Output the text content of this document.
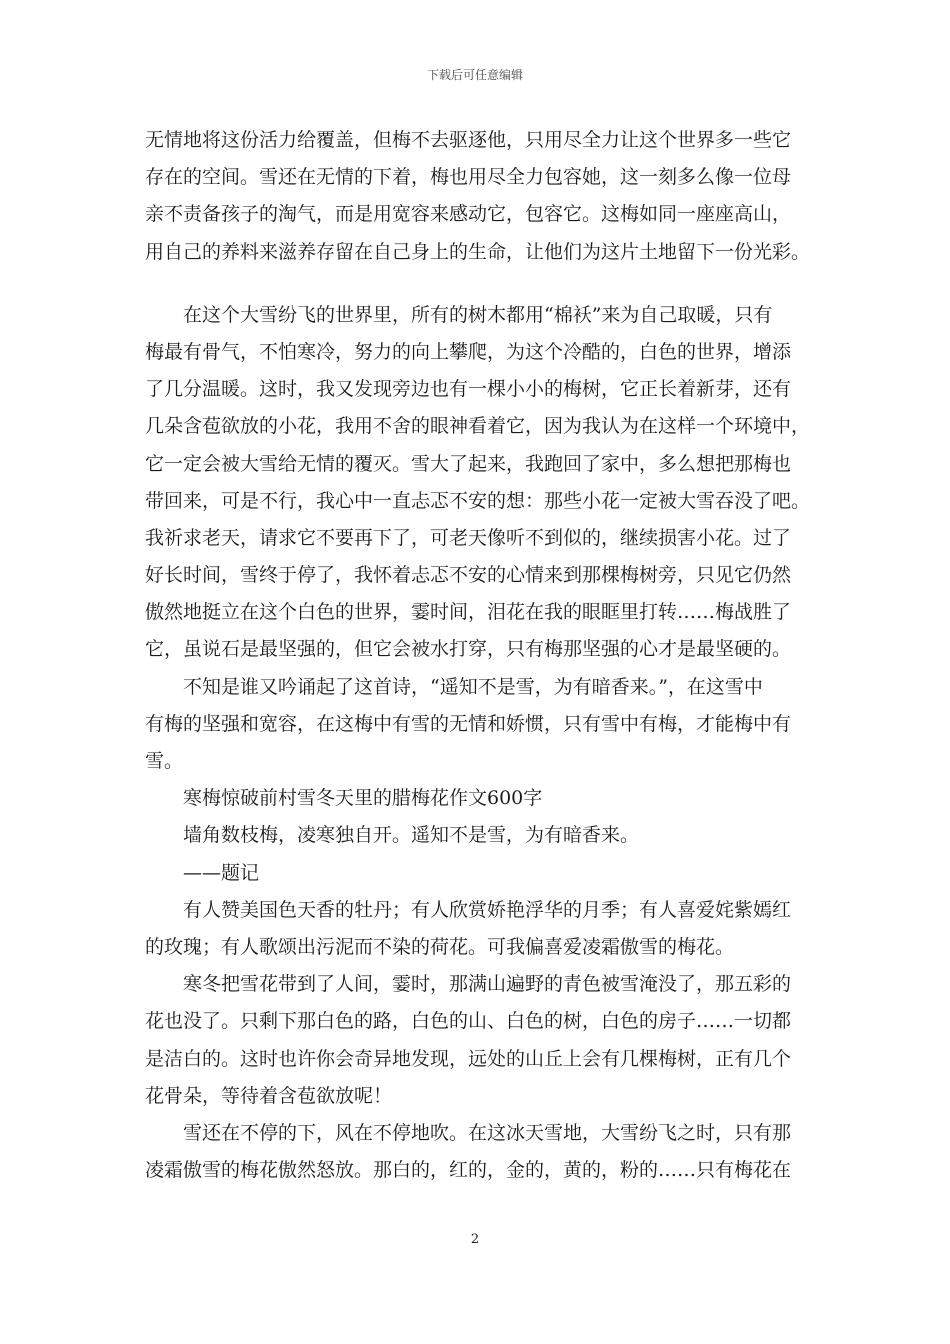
下载后可任意编辑
无情地将这份活力给覆盖，但梅不去驱逐他，只用尽全力让这个世界多一些它
存在的空间。雪还在无情的下着，梅也用尽全力包容她，这一刻多么像一位母
亲不责备孩子的淘气，而是用宽容来感动它，包容它。这梅如同一座座高山，
用自己的养料来滋养存留在自己身上的生命，让他们为这片土地留下一份光彩。
在这个大雪纷飞的世界里，所有的树木都用“棉袄”来为自己取暖，只有
梅最有骨气，不怕寒冷，努力的向上攀爬，为这个冷酷的，白色的世界，增添
了几分温暖。这时，我又发现旁边也有一棵小小的梅树，它正长着新芽，还有
几朵含苞欲放的小花，我用不舍的眼神看着它，因为我认为在这样一个环境中，
它一定会被大雪给无情的覆灭。雪大了起来，我跑回了家中，多么想把那梅也
带回来，可是不行，我心中一直忐忑不安的想：那些小花一定被大雪吞没了吧。
我祈求老天，请求它不要再下了，可老天像听不到似的，继续损害小花。过了
好长时间，雪终于停了，我怀着忐忑不安的心情来到那棵梅树旁，只见它仍然
傲然地挺立在这个白色的世界，霎时间，泪花在我的眼眶里打转……梅战胜了
它，虽说石是最坚强的，但它会被水打穿，只有梅那坚强的心才是最坚硬的。
不知是谁又吟诵起了这首诗，“遥知不是雪，为有暗香来。”，在这雪中
有梅的坚强和宽容，在这梅中有雪的无情和娇惯，只有雪中有梅，才能梅中有
雪。
寒梅惊破前村雪冬天里的腊梅花作文600字
墙角数枝梅，凌寒独自开。遥知不是雪，为有暗香来。
——题记
有人赞美国色天香的牡丹；有人欣赏娇艳浮华的月季；有人喜爱姹紫嫣红
的玫瑰；有人歌颂出污泥而不染的荷花。可我偏喜爱凌霜傲雪的梅花。
寒冬把雪花带到了人间，霎时，那满山遍野的青色被雪淹没了，那五彩的
花也没了。只剩下那白色的路，白色的山、白色的树，白色的房子……一切都
是洁白的。这时也许你会奇异地发现，远处的山丘上会有几棵梅树，正有几个
花骨朵，等待着含苞欲放呢！
雪还在不停的下，风在不停地吹。在这冰天雪地，大雪纷飞之时，只有那
凌霜傲雪的梅花傲然怒放。那白的，红的，金的，黄的，粉的……只有梅花在
2
